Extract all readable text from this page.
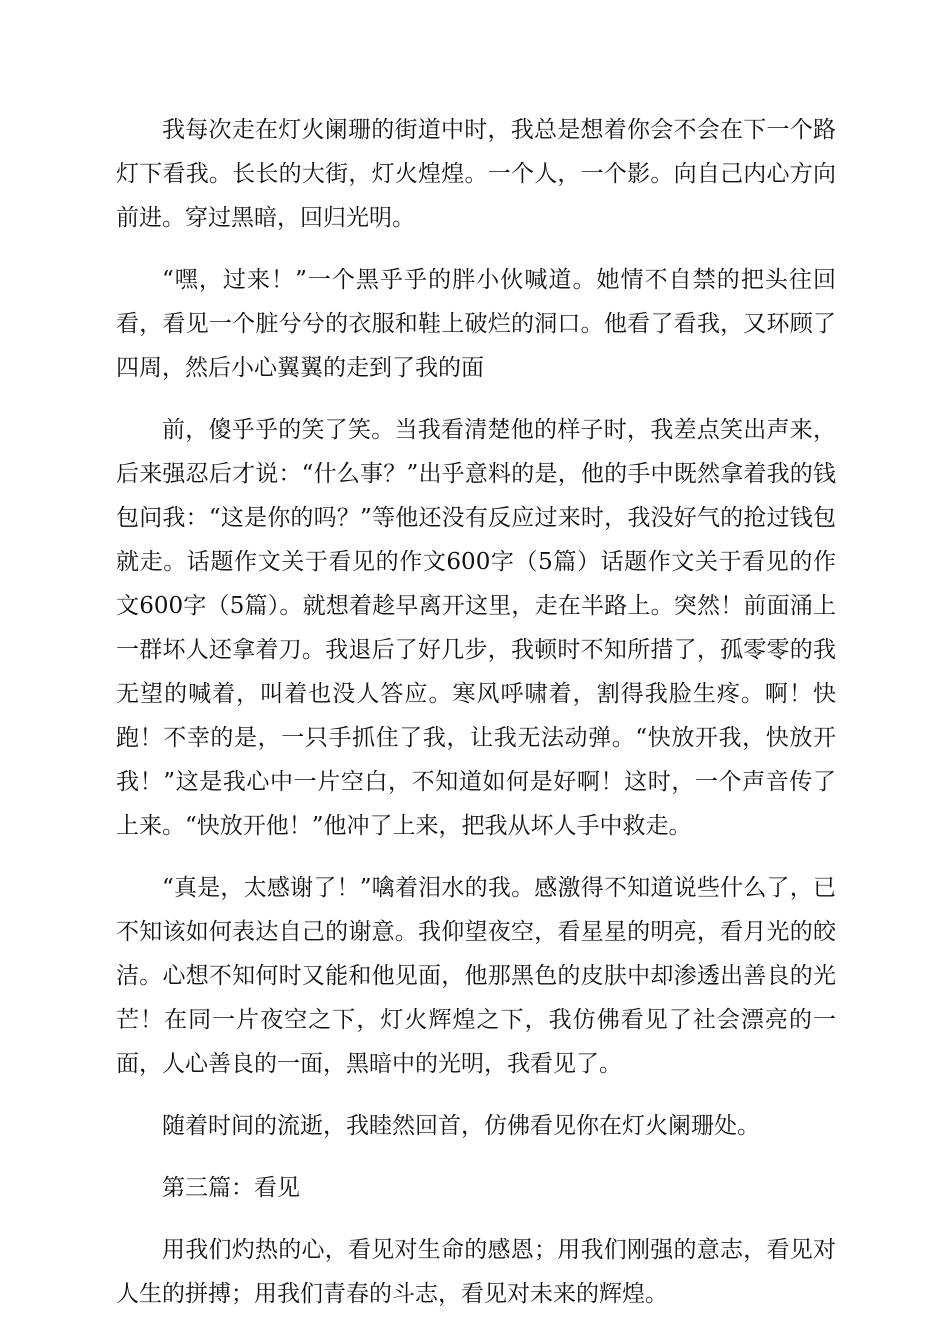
我每次走在灯火阑珊的街道中时，我总是想着你会不会在下一个路灯下看我。长长的大街，灯火煌煌。一个人，一个影。向自己内心方向前进。穿过黑暗，回归光明。

“嘿，过来！”一个黑乎乎的胖小伙喊道。她情不自禁的把头往回看，看见一个脏兮兮的衣服和鞋上破烂的洞口。他看了看我，又环顾了四周，然后小心翼翼的走到了我的面

前，傻乎乎的笑了笑。当我看清楚他的样子时，我差点笑出声来，后来强忍后才说：“什么事？”出乎意料的是，他的手中既然拿着我的钱包问我：“这是你的吗？”等他还没有反应过来时，我没好气的抢过钱包就走。话题作文关于看见的作文600字（5篇）话题作文关于看见的作文600字（5篇）。就想着趁早离开这里，走在半路上。突然！前面涌上一群坏人还拿着刀。我退后了好几步，我顿时不知所措了，孤零零的我无望的喊着，叫着也没人答应。寒风呼啸着，割得我脸生疼。啊！快跑！不幸的是，一只手抓住了我，让我无法动弹。“快放开我，快放开我！”这是我心中一片空白，不知道如何是好啊！这时，一个声音传了上来。“快放开他！”他冲了上来，把我从坏人手中救走。

“真是，太感谢了！”噙着泪水的我。感激得不知道说些什么了，已不知该如何表达自己的谢意。我仰望夜空，看星星的明亮，看月光的皎洁。心想不知何时又能和他见面，他那黑色的皮肤中却渗透出善良的光芒！在同一片夜空之下，灯火辉煌之下，我仿佛看见了社会漂亮的一面，人心善良的一面，黑暗中的光明，我看见了。

随着时间的流逝，我睦然回首，仿佛看见你在灯火阑珊处。

第三篇：看见

用我们灼热的心，看见对生命的感恩；用我们刚强的意志，看见对人生的拼搏；用我们青春的斗志，看见对未来的辉煌。
